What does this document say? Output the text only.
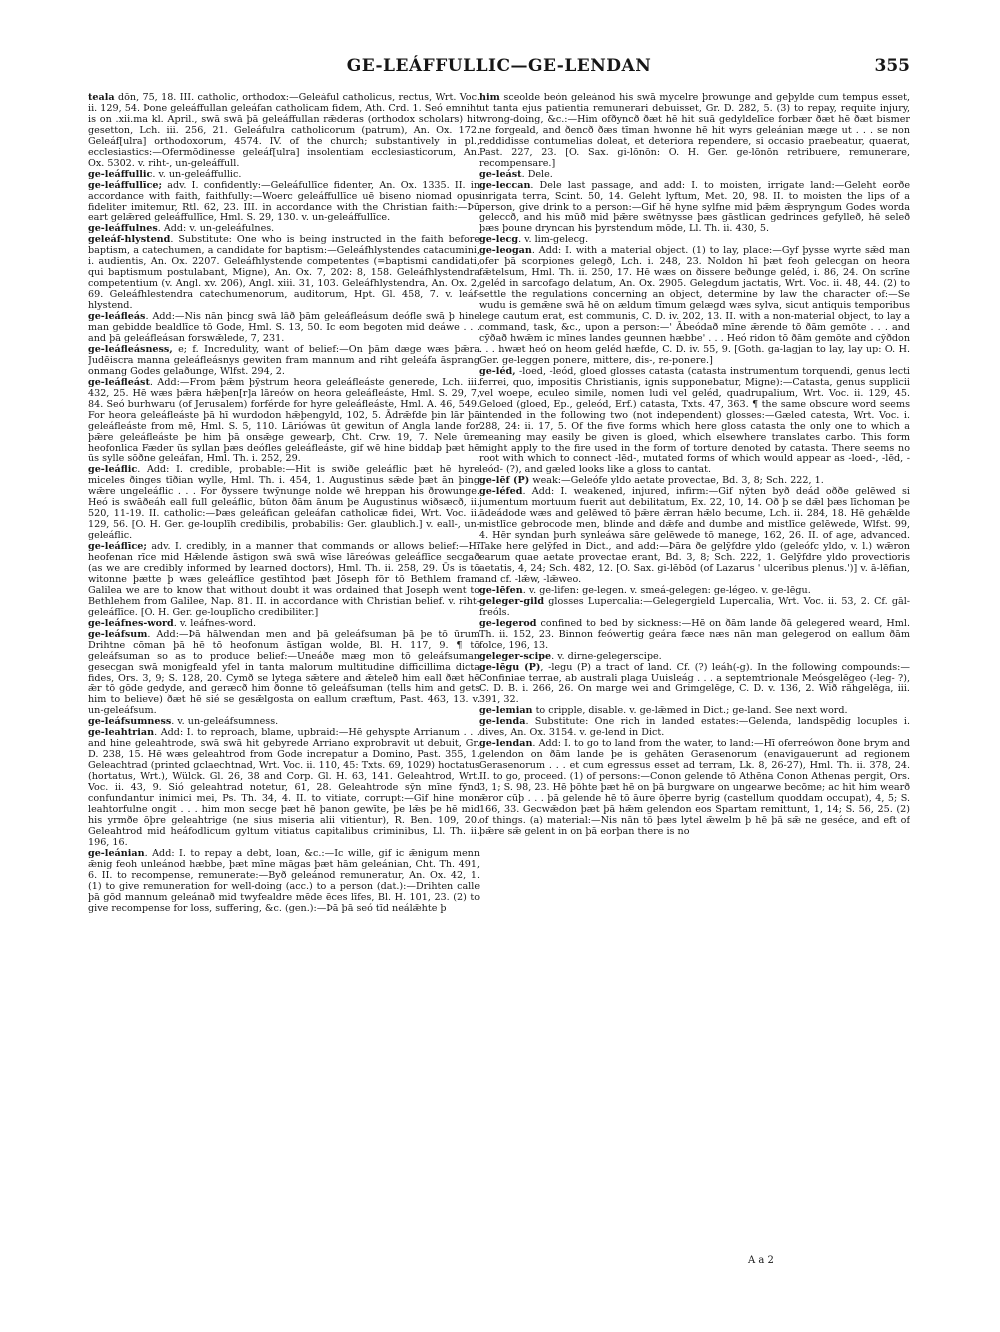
GE-LEÁFFULLIC—GE-LENDAN	355

teala dōn, 75, 18. III. catholic, orthodox:—Geleáful catholicus, rectus, Wrt. Voc. ii. 129, 54. Þone geleáffullan geleáfan catholicam fidem, Ath. Crd. 1. Seó emniht is on .xii.ma kl. April., swā swā þā geleáffullan rǣderas (orthodox scholars) hit gesetton, Lch. iii. 256, 21. Geleáfulra catholicorum (patrum), An. Ox. 172. Geleáf[ulra] orthodoxorum, 4574. IV. of the church; substantively in pl., ecclesiastics:—Ofermōdinesse geleáf[ulra] insolentiam ecclesiasticorum, An. Ox. 5302. v. riht-, un-geleáffull.

ge-leáffullic. v. un-geleáffullic.

ge-leáffullīce; adv. I. confidently:—Geleáfullīce fidenter, An. Ox. 1335. II. in accordance with faith, faithfully:—Woerc geleáffullīce uē biseno niomad opus fideliter imitemur, Rtl. 62, 23. III. in accordance with the Christian faith:—Þū eart gelǣred geleáffullīce, Hml. S. 29, 130. v. un-geleáffullīce.

ge-leáffulnes. Add: v. un-geleáfulnes.

geleáf-hlystend. Substitute: One who is being instructed in the faith before baptism, a catechumen, a candidate for baptism:—Geleáfhlystendes catacumini, i. audientis, An. Ox. 2207. Geleáfhlystende competentes (=baptismi candidati, qui baptismum postulabant, Migne), An. Ox. 7, 202: 8, 158. Geleáfhlystendra competentium (v. Angl. xv. 206), Angl. xiii. 31, 103. Geleáfhlystendra, An. Ox. 2, 69. Geleáfhlestendra catechumenorum, auditorum, Hpt. Gl. 458, 7. v. leáf-hlystend.

ge-leáfleás. Add:—Nis nān þincg swā lāð þām geleáfleásum deófle swā þ hine man gebidde bealdlīce tō Gode, Hml. S. 13, 50. Ic eom begoten mid deáwe . . . and þā geleáfleásan forswǣlede, 7, 231.

ge-leáfleásness, e; f. Incredulity, want of belief:—On þām dæge wæs þǣra Judēiscra manna geleáfleásnys gewiten fram mannum and riht geleáfa āsprang onmang Godes gelaðunge, Wlfst. 294, 2.

ge-leáfleást. Add:—From þǣm þȳstrum heora geleáfleáste generede, Lch. iii. 432, 25. Hē wæs þǣra hǣþen[r]a lāreów on heora geleáfleáste, Hml. S. 29, 7, 84. Seó burhwaru (of Jerusalem) forférde for hyre geleáfleáste, Hml. A. 46, 549. For heora geleáfleáste þā hī wurdodon hǣþengyld, 102, 5. Ādrǣfde þin lār þā geleáfleáste from mē, Hml. S. 5, 110. Lāriówas ūt gewitun of Angla lande for þǣre geleáfleáste þe him þā onsǣge gewearþ, Cht. Crw. 19, 7. Nele ūre heofonlica Fæder ūs syllan þæs deófles geleáfleáste, gif wē hine biddaþ þæt hē ūs sylle sōðne geleáfan, Hml. Th. i. 252, 29.

ge-leáflic. Add: I. credible, probable:—Hit is swiðe geleáflic þæt hē hyre miceles ðinges tīðian wylle, Hml. Th. i. 454, 1. Augustinus sǣde þæt ān þing wǣre ungeleáflic . . . For ðyssere twȳnunge nolde wē hreppan his ðrowunge. Heó is swāðeáh eall full geleáflic, būton ðām ānum þe Augustinus wiðsæcð, ii. 520, 11-19. II. catholic:—Þæs geleáfican geleáfan catholicæ fidei, Wrt. Voc. ii. 129, 56. [O. H. Ger. ge-louplīh credibilis, probabilis: Ger. glaublich.] v. eall-, un-geleáflic.

ge-leáflīce; adv. I. credibly, in a manner that commands or allows belief:—Hī heofenan rīce mid Hǣlende āstigon swā swā wīse lāreówas geleáflīce secgað (as we are credibly informed by learned doctors), Hml. Th. ii. 258, 29. Ūs is tō witonne þætte þ wæs geleáflīce gestīhtod þæt Jōseph fōr tō Bethlem fram Galilea we are to know that without doubt it was ordained that Joseph went to Bethlehem from Galilee, Nap. 81. II. in accordance with Christian belief. v. riht-geleáflīce. [O. H. Ger. ge-louplīcho credibiliter.]

ge-leáfnes-word. v. leáfnes-word.

ge-leáfsum. Add:—Þā hālwendan men and þā geleáfsuman þā þe tō ūrum Drihtne cōman þā hē tō heofonum āstīgan wolde, Bl. H. 117, 9. ¶ tō geleáfsuman so as to produce belief:—Uneáðe mæg mon tō geleáfsuman gesecgan swā monigfeald yfel in tanta malorum multitudine difficillima dicta fides, Ors. 3, 9; S. 128, 20. Cymð se lytega sǣtere and ǣteleð him eall ðæt hē ǣr tō gōde gedyde, and geræcð him ðonne tō geleáfsuman (tells him and gets him to believe) ðæt hē sié se gesǣlgosta on eallum cræftum, Past. 463, 13. v. un-geleáfsum.

ge-leáfsumness. v. un-geleáfsumness.

ge-leahtrian. Add: I. to reproach, blame, upbraid:—Hē gehyspte Arrianum . . . and hine geleahtrode, swā swā hit gebyrede Arriano exprobravit ut debuit, Gr. D. 238, 15. Hē wæs geleahtrod from Gode increpatur a Domino, Past. 355, 1. Geleachtrad (printed gclaechtnad, Wrt. Voc. ii. 110, 45: Txts. 69, 1029) hoctatus (hortatus, Wrt.), Wülck. Gl. 26, 38 and Corp. Gl. H. 63, 141. Geleahtrod, Wrt. Voc. ii. 43, 9. Sió geleahtrad notetur, 61, 28. Geleahtrode sȳn mīne fȳnd confundantur inimici mei, Ps. Th. 34, 4. II. to vitiate, corrupt:—Gif hine mon leahtorfulne ongit . . . him mon secge þæt hē þanon gewīte, þe lǣs þe hē mid his yrmðe ōþre geleahtrige (ne sius miseria alii vitientur), R. Ben. 109, 20. Geleahtrod mid heáfodlicum gyltum vitiatus capitalibus criminibus, Ll. Th. ii. 196, 16.

ge-leánian. Add: I. to repay a debt, loan, &c.:—Ic wille, gif ic ǣnigum menn ǣnig feoh unleánod hæbbe, þæt mīne māgas þæt hām geleánian, Cht. Th. 491, 6. II. to recompense, remunerate:—Byð geleánod remuneratur, An. Ox. 42, 1. (1) to give remuneration for well-doing (acc.) to a person (dat.):—Drihten calle þā gōd mannum geleánað mid twyfealdre mēde ēces līfes, Bl. H. 101, 23. (2) to give recompense for loss, suffering, &c. (gen.):—Þā þā seó tīd neálǣhte þ

him sceolde beón geleánod his swā mycelre þrowunge and geþylde cum tempus esset, ut tanta ejus patientia remunerari debuisset, Gr. D. 282, 5. (3) to repay, requite injury, wrong-doing, &c.:—Him ofðyncð ðæt hē hit suā gedyldelīce forbær ðæt hē ðæt bismer ne forgeald, and ðencð ðæs tīman hwonne hē hit wyrs geleánian mæge ut . . . se non reddidisse contumelias doleat, et deteriora rependere, si occasio praebeatur, quaerat, Past. 227, 23. [O. Sax. gi-lōnōn: O. H. Ger. ge-lōnōn retribuere, remunerare, recompensare.]

ge-leást. Dele.

ge-leccan. Dele last passage, and add: I. to moisten, irrigate land:—Geleht eorðe inrigata terra, Scint. 50, 14. Geleht lyftum, Met. 20, 98. II. to moisten the lips of a person, give drink to a person:—Gif hē hyne sylfne mid þǣm ǣspryngum Godes worda geleccð, and his mūð mid þǣre swētnysse þæs gāstlican gedrinces gefylleð, hē seleð þæs þoune dryncan his þyrstendum mōde, Ll. Th. ii. 430, 5.

ge-lecg. v. lim-gelecg.

ge-leogan. Add: I. with a material object. (1) to lay, place:—Gyf þysse wyrte sǣd man ofer þā scorpiones gelegð, Lch. i. 248, 23. Noldon hī þæt feoh gelecgan on heora fǣtelsum, Hml. Th. ii. 250, 17. Hē wæs on ðissere beðunge geléd, i. 86, 24. On scrīne geléd in sarcofago delatum, An. Ox. 2905. Gelegdum jactatis, Wrt. Voc. ii. 48, 44. (2) to settle the regulations concerning an object, determine by law the character of:—Se wudu is gemǣne swā hē on ældum tīmum gelægd wæs sylva, sicut antiquis temporibus lege cautum erat, est communis, C. D. iv. 202, 13. II. with a non-material object, to lay a command, task, &c., upon a person:—' Ābeódað mīne ǣrende tō ðām gemōte . . . and cȳðað hwǣm ic mīnes landes geunnen hæbbe' . . . Heó ridon tō ðām gemōte and cȳðdon . . . hwæt heó on heom geléd hæfde, C. D. iv. 55, 9. [Goth. ga-lagjan to lay, lay up: O. H. Ger. ge-leggen ponere, mittere, dis-, re-ponere.]

ge-léd, -loed, -leód, gloed glosses catasta (catasta instrumentum torquendi, genus lecti ferrei, quo, impositis Christianis, ignis supponebatur, Migne):—Catasta, genus supplicii vel woepe, eculeo simile, nomen ludi vel geléd, quadrupalium, Wrt. Voc. ii. 129, 45. Geloed (gloed, Ep., geleód, Erf.) catasta, Txts. 47, 363. ¶ the same obscure word seems intended in the following two (not independent) glosses:—Gæled catesta, Wrt. Voc. i. 288, 24: ii. 17, 5. Of the five forms which here gloss catasta the only one to which a meaning may easily be given is gloed, which elsewhere translates carbo. This form might apply to the fire used in the form of torture denoted by catasta. There seems no root with which to connect -lēd-, mutated forms of which would appear as -loed-, -lēd, -leód- (?), and gæled looks like a gloss to cantat.

ge-lēf (P) weak:—Geleófe yldo aetate provectae, Bd. 3, 8; Sch. 222, 1.

ge-léfed. Add: I. weakened, injured, infirm:—Gif nȳten byð deád oððe gelēwed si jumentum mortuum fuerit aut debilitatum, Ex. 22, 10, 14. Oð þ se dǣl þæs līchoman þe ādeádode wæs and gelēwed tō þǣre ǣrran hǣlo becume, Lch. ii. 284, 18. Hē gehǣlde mistlīce gebrocode men, blinde and dǣfe and dumbe and mistlīce gelēwede, Wlfst. 99, 4. Hēr syndan þurh synleáwa sāre gelēwede tō manege, 162, 26. II. of age, advanced. Take here gelȳfed in Dict., and add:—Þāra ðe gelȳfdre yldo (geleófc yldo, v. l.) wǣron earum quae aetate provectae erant, Bd. 3, 8; Sch. 222, 1. Gelȳfdre yldo provectioris aetatis, 4, 24; Sch. 482, 12. [O. Sax. gi-lēbōd (of Lazarus ' ulceribus plenus.')] v. ā-lēfian, and cf. -lǣw, -lǣweo.

ge-lēfen. v. ge-lifen: ge-legen. v. smeá-gelegen: ge-légeo. v. ge-lēgu.

geleger-gild glosses Lupercalia:—Gelegergield Lupercalia, Wrt. Voc. ii. 53, 2. Cf. gāl-freóls.

ge-legerod confined to bed by sickness:—Hē on ðām lande ðā gelegered weard, Hml. Th. ii. 152, 23. Binnon feówertig geára fæce næs nān man gelegerod on eallum ðām folce, 196, 13.

geleger-scipe. v. dirne-gelegerscipe.

ge-lēgu (P), -legu (P) a tract of land. Cf. (?) leáh(-g). In the following compounds:—Confiniae terrae, ab australi plaga Uuisleág . . . a septemtrionale Meósgelēgeo (-leg- ?), C. D. B. i. 266, 26. On marge wei and Grimgelēge, C. D. v. 136, 2. Wið rāhgelēga, iii. 391, 32.

ge-lemian to cripple, disable. v. ge-lǣmed in Dict.; ge-land. See next word.

ge-lenda. Substitute: One rich in landed estates:—Gelenda, landspēdig locuples i. dives, An. Ox. 3154. v. ge-lend in Dict.

ge-lendan. Add: I. to go to land from the water, to land:—Hī oferreówon ðone brym and gelendon on ðām lande þe is gehāten Gerasenorum (enavigauerunt ad regionem Gerasenorum . . . et cum egressus esset ad terram, Lk. 8, 26-27), Hml. Th. ii. 378, 24. II. to go, proceed. (1) of persons:—Conon gelende tō Athēna Conon Athenas pergit, Ors. 3, 1; S. 98, 23. Hē þōhte þæt hē on þā burgware on ungearwe becōme; ac hit him wearð ǣror cūþ . . . þā gelende hē tō āure ōþerre byrig (castellum quoddam occupat), 4, 5; S. 166, 33. Gecwǣdon þæt þā hǣm gelendon eos Spartam remittunt, 1, 14; S. 56, 25. (2) of things. (a) material:—Nis nān tō þæs lytel ǣwelm þ hē þā sǣ ne geséce, and eft of þǣre sǣ gelent in on þā eorþan there is no

A a 2
